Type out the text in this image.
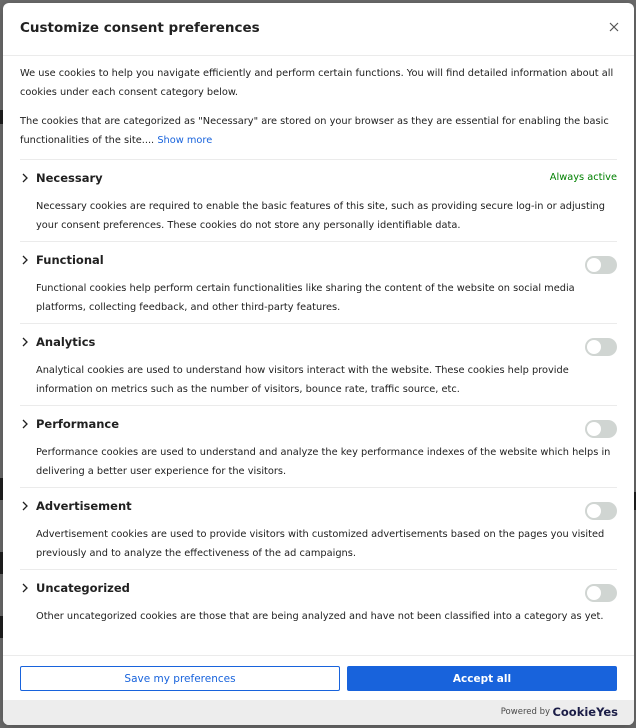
Customize consent preferences

We use cookies to help you navigate efficiently and perform certain functions. You will find detailed information about all cookies under each consent category below.

The cookies that are categorized as "Necessary" are stored on your browser as they are essential for enabling the basic functionalities of the site.... Show more

Necessary	Always active

Necessary cookies are required to enable the basic features of this site, such as providing secure log-in or adjusting your consent preferences. These cookies do not store any personally identifiable data.

Functional

Functional cookies help perform certain functionalities like sharing the content of the website on social media platforms, collecting feedback, and other third-party features.

Analytics

Analytical cookies are used to understand how visitors interact with the website. These cookies help provide information on metrics such as the number of visitors, bounce rate, traffic source, etc.

Performance

Performance cookies are used to understand and analyze the key performance indexes of the website which helps in delivering a better user experience for the visitors.

Advertisement

Advertisement cookies are used to provide visitors with customized advertisements based on the pages you visited previously and to analyze the effectiveness of the ad campaigns.

Uncategorized

Other uncategorized cookies are those that are being analyzed and have not been classified into a category as yet.

Save my preferences	Accept all
Powered by CookieYes
